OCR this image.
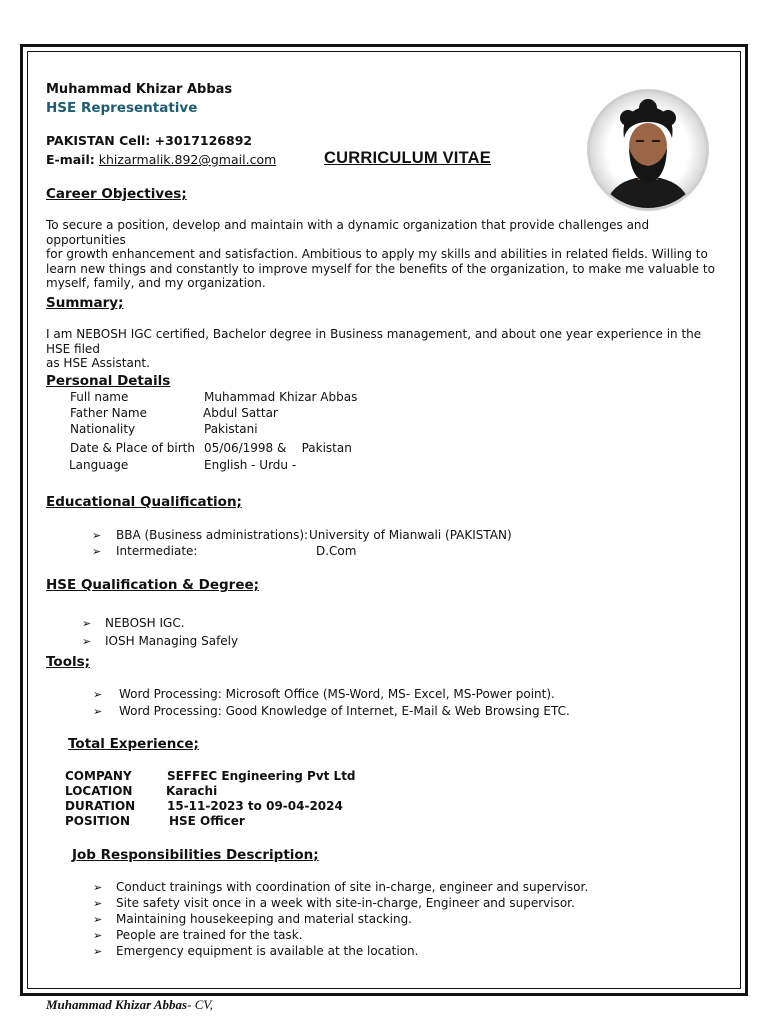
Muhammad Khizar Abbas
HSE Representative
PAKISTAN Cell: +3017126892
E-mail: khizarmalik.892@gmail.com	CURRICULUM VITAE
Career Objectives;
To secure a position, develop and maintain with a dynamic organization that provide challenges and opportunities
for growth enhancement and satisfaction. Ambitious to apply my skills and abilities in related fields. Willing to
learn new things and constantly to improve myself for the benefits of the organization, to make me valuable to
myself, family, and my organization.
Summary;
I am NEBOSH IGC certified, Bachelor degree in Business management, and about one year experience in the HSE filed
as HSE Assistant.
Personal Details
Full name	Muhammad Khizar Abbas
Father Name	Abdul Sattar
Nationality	Pakistani
Date & Place of birth 05/06/1998 &    Pakistan
Language	English - Urdu -
Educational Qualification;
➢ BBA (Business administrations): University of Mianwali (PAKISTAN)
➢ Intermediate:	D.Com
HSE Qualification & Degree;
➢ NEBOSH IGC.
➢ IOSH Managing Safely
Tools;
➢ Word Processing: Microsoft Office (MS-Word, MS- Excel, MS-Power point).
➢ Word Processing: Good Knowledge of Internet, E-Mail & Web Browsing ETC.
Total Experience;
COMPANY	SEFFEC Engineering Pvt Ltd
LOCATION	Karachi
DURATION	15-11-2023 to 09-04-2024
POSITION	HSE Officer
Job Responsibilities Description;
➢ Conduct trainings with coordination of site in-charge, engineer and supervisor.
➢ Site safety visit once in a week with site-in-charge, Engineer and supervisor.
➢ Maintaining housekeeping and material stacking.
➢ People are trained for the task.
➢ Emergency equipment is available at the location.
Muhammad Khizar Abbas- CV,
